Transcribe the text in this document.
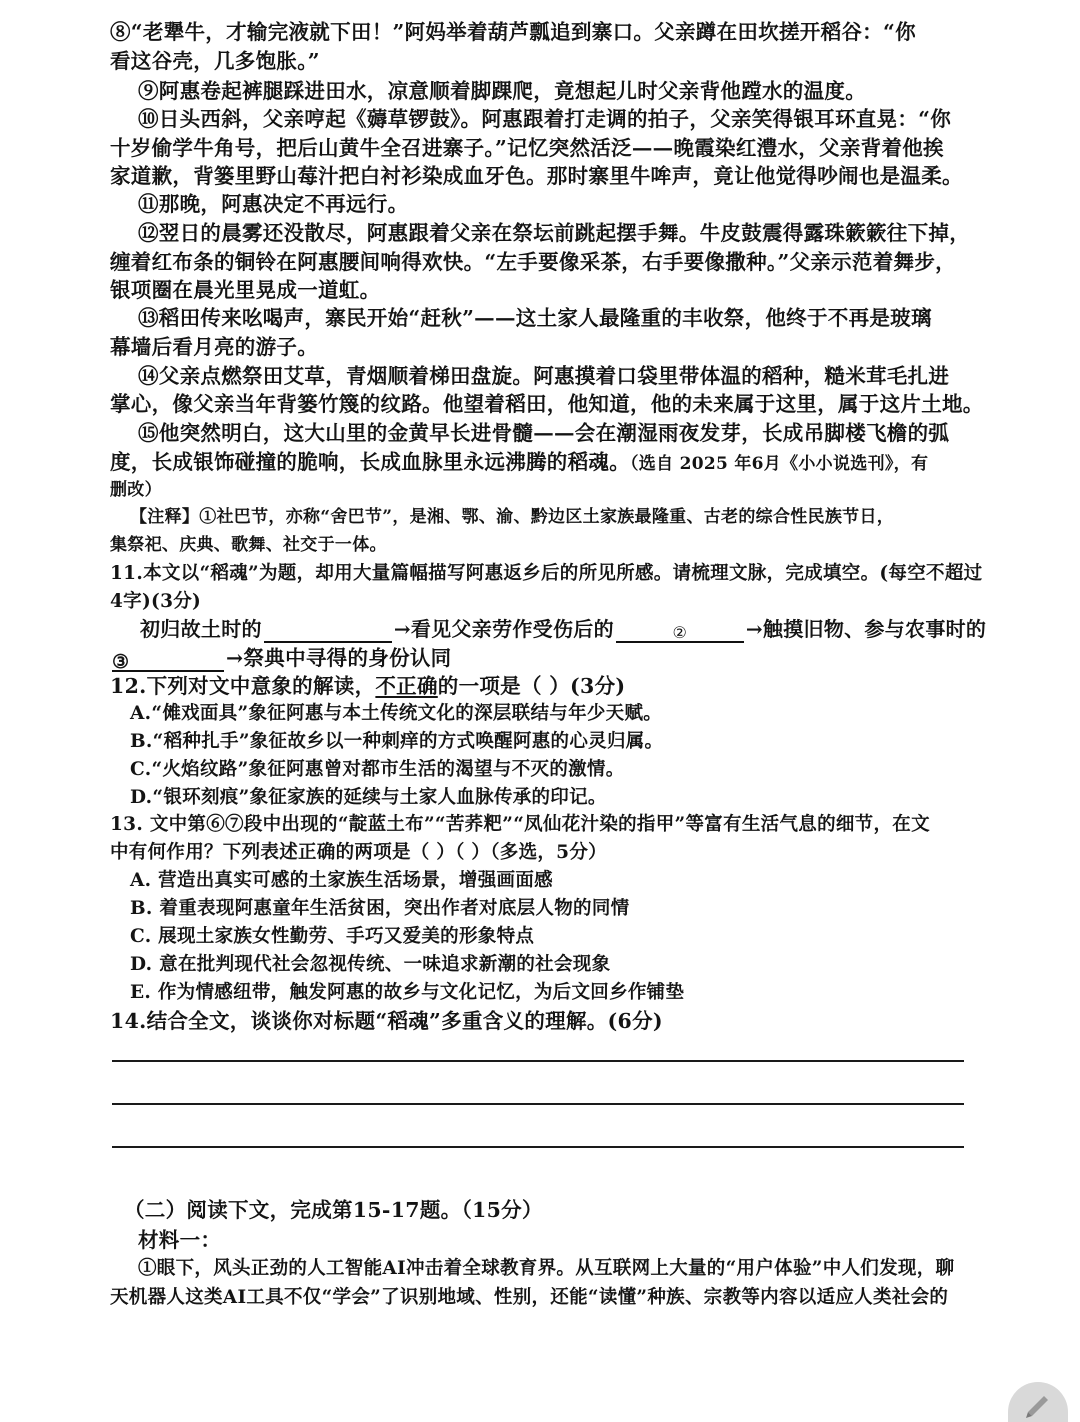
⑧“老犟牛，才输完液就下田！”阿妈举着葫芦瓢追到寨口。父亲蹲在田坎搓开稻谷：“你
看这谷壳，几多饱胀。”
⑨阿惠卷起裤腿踩进田水，凉意顺着脚踝爬，竟想起儿时父亲背他蹚水的温度。
⑩日头西斜，父亲哼起《薅草锣鼓》。阿惠跟着打走调的拍子，父亲笑得银耳环直晃：“你
十岁偷学牛角号，把后山黄牛全召进寨子。”记忆突然活泛——晚霞染红澧水，父亲背着他挨
家道歉，背篓里野山莓汁把白衬衫染成血牙色。那时寨里牛哞声，竟让他觉得吵闹也是温柔。
⑪那晚，阿惠决定不再远行。
⑫翌日的晨雾还没散尽，阿惠跟着父亲在祭坛前跳起摆手舞。牛皮鼓震得露珠簌簌往下掉，
缠着红布条的铜铃在阿惠腰间响得欢快。“左手要像采茶，右手要像撒种。”父亲示范着舞步，
银项圈在晨光里晃成一道虹。
⑬稻田传来吆喝声，寨民开始“赶秋”——这土家人最隆重的丰收祭，他终于不再是玻璃
幕墙后看月亮的游子。
⑭父亲点燃祭田艾草，青烟顺着梯田盘旋。阿惠摸着口袋里带体温的稻种，糙米茸毛扎进
掌心，像父亲当年背篓竹篾的纹路。他望着稻田，他知道，他的未来属于这里，属于这片土地。
⑮他突然明白，这大山里的金黄早长进骨髓——会在潮湿雨夜发芽，长成吊脚楼飞檐的弧
度，长成银饰碰撞的脆响，长成血脉里永远沸腾的稻魂。（选自 2025 年6月《小小说选刊》，有
删改）
【注释】①社巴节，亦称“舍巴节”，是湘、鄂、渝、黔边区土家族最隆重、古老的综合性民族节日，
集祭祀、庆典、歌舞、社交于一体。
11.本文以“稻魂”为题，却用大量篇幅描写阿惠返乡后的所见所感。请梳理文脉，完成填空。(每空不超过
4字)(3分)
初归故土时的	→看见父亲劳作受伤后的	②	→触摸旧物、参与农事时的
③	→祭典中寻得的身份认同
12.下列对文中意象的解读，不正确的一项是（ ）(3分)
A.“傩戏面具”象征阿惠与本土传统文化的深层联结与年少天赋。
B.“稻种扎手”象征故乡以一种刺痒的方式唤醒阿惠的心灵归属。
C.“火焰纹路”象征阿惠曾对都市生活的渴望与不灭的激情。
D.“银环刻痕”象征家族的延续与土家人血脉传承的印记。
13. 文中第⑥⑦段中出现的“靛蓝土布”“苦荞粑”“凤仙花汁染的指甲”等富有生活气息的细节，在文
中有何作用？下列表述正确的两项是（ ）（ ）（多选，5分）
A. 营造出真实可感的土家族生活场景，增强画面感
B. 着重表现阿惠童年生活贫困，突出作者对底层人物的同情
C. 展现土家族女性勤劳、手巧又爱美的形象特点
D. 意在批判现代社会忽视传统、一味追求新潮的社会现象
E. 作为情感纽带，触发阿惠的故乡与文化记忆，为后文回乡作铺垫
14.结合全文，谈谈你对标题“稻魂”多重含义的理解。(6分)
（二）阅读下文，完成第15-17题。（15分）
材料一：
①眼下，风头正劲的人工智能AI冲击着全球教育界。从互联网上大量的“用户体验”中人们发现，聊
天机器人这类AI工具不仅“学会”了识别地域、性别，还能“读懂”种族、宗教等内容以适应人类社会的
